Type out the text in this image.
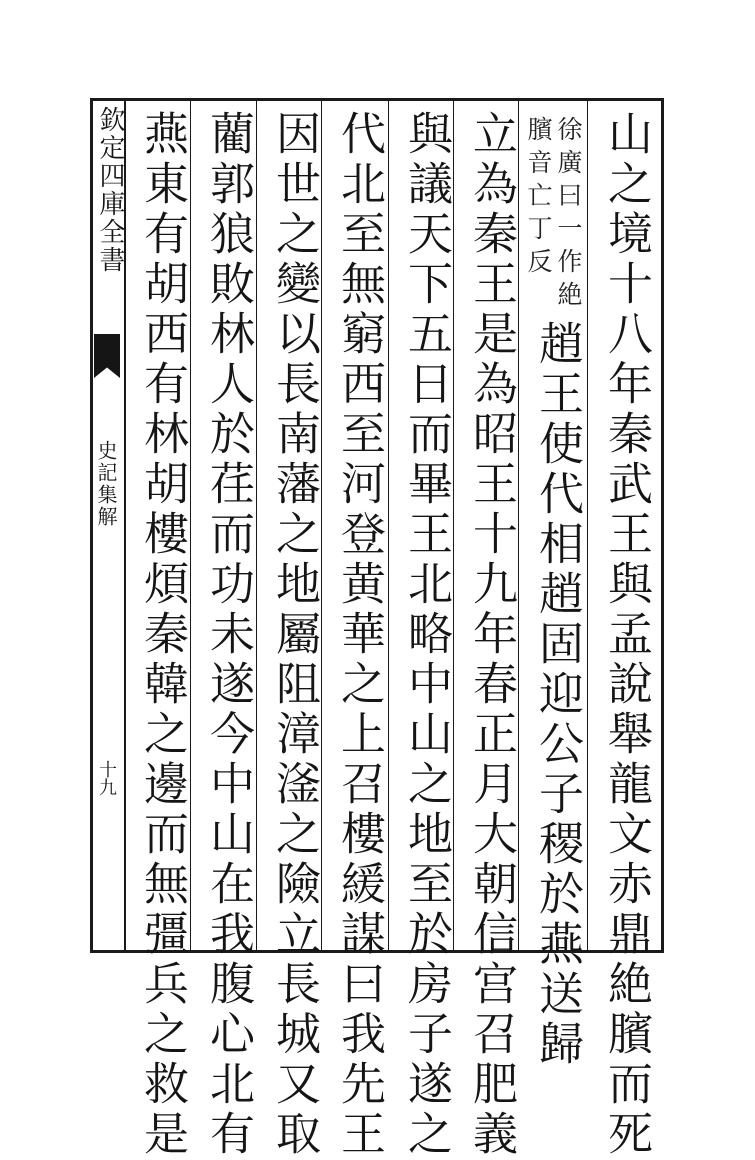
欽定四庫全書
史記集解
十九	山之境十八年秦武王與孟說舉龍文赤鼎絶臏而死
徐廣曰一作絶
臏音亡丁反
趙王使代相趙固迎公子稷於燕送歸
立為秦王是為昭王十九年春正月大朝信宫召肥義
與議天下五日而畢王北略中山之地至於房子遂之
代北至無窮西至河登黄華之上召樓緩謀曰我先王
因世之變以長南藩之地屬阻漳滏之險立長城又取
藺郭狼敗林人於荏而功未遂今中山在我腹心北有
燕東有胡西有林胡樓煩秦韓之邊而無彊兵之救是
